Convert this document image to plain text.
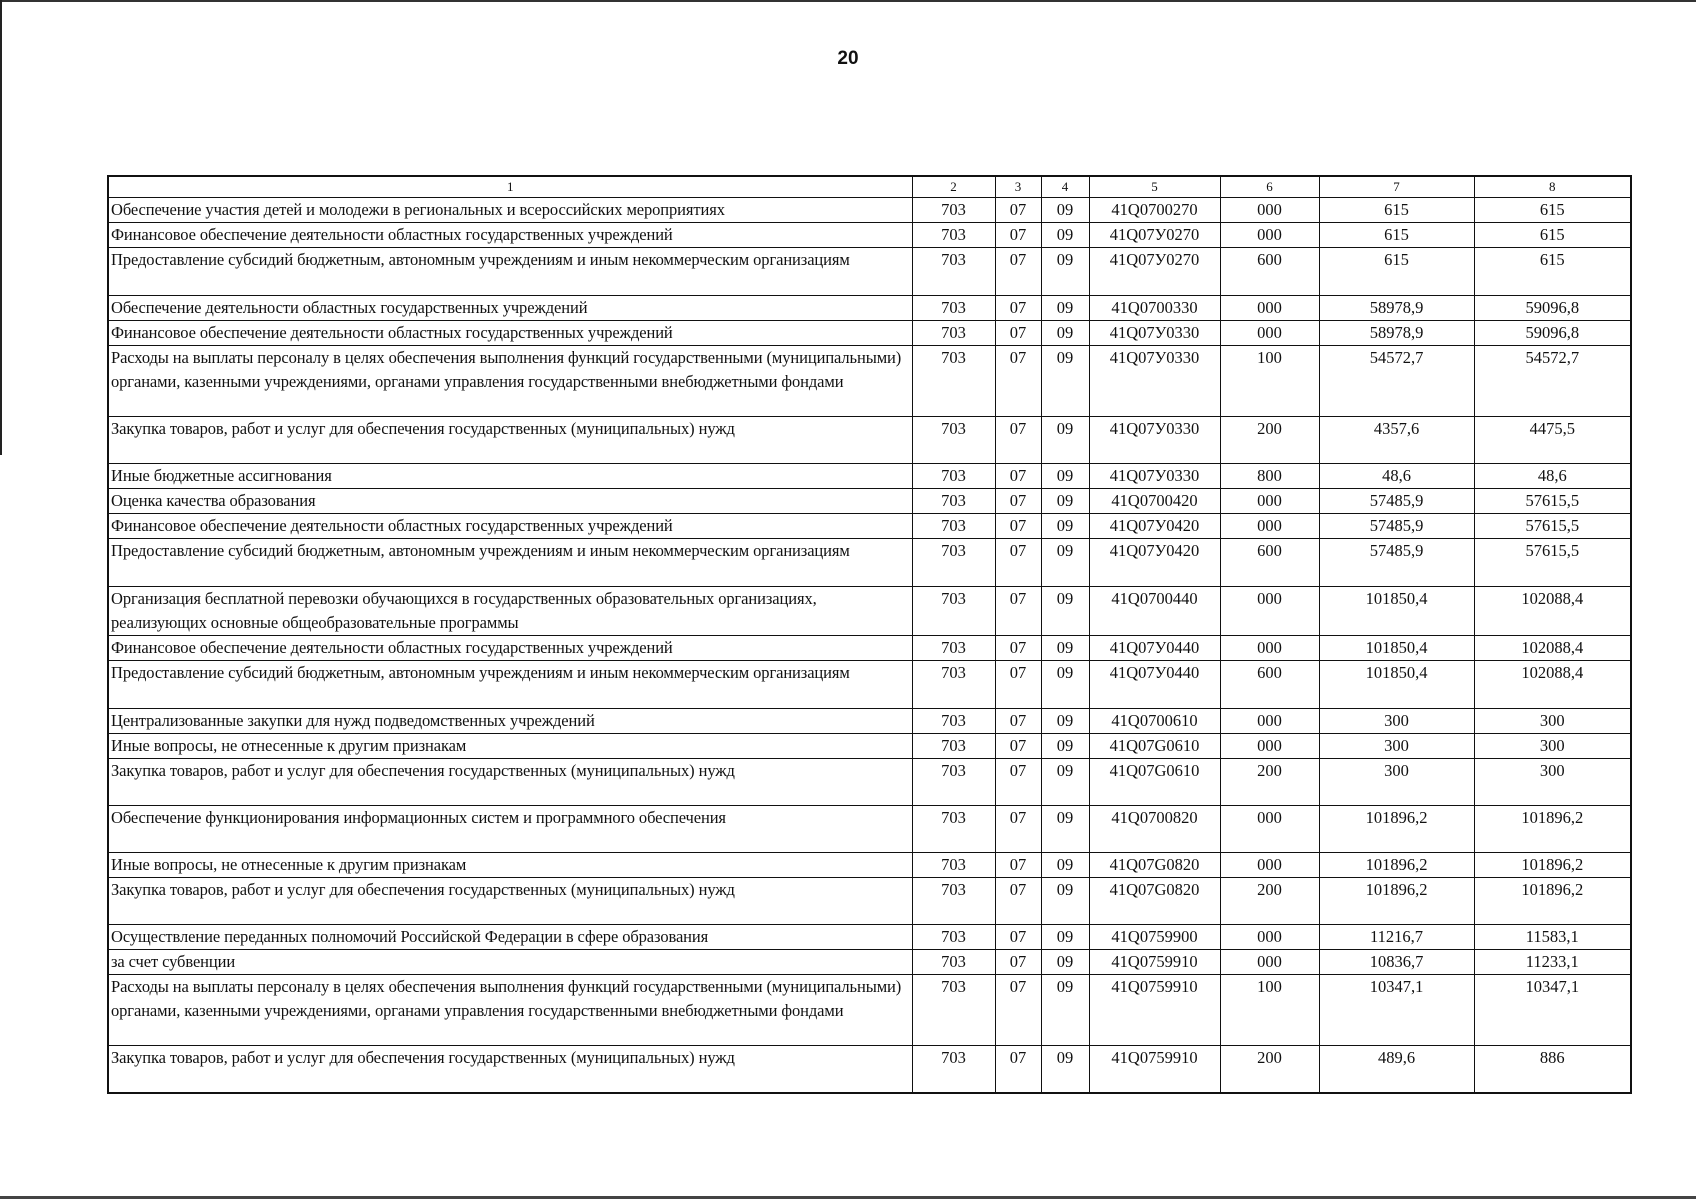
20
1	2	3	4	5	6	7	8
Обеспечение участия детей и молодежи в региональных и всероссийских мероприятиях	703	07	09	41Q0700270	000	615	615
Финансовое обеспечение деятельности областных государственных учреждений	703	07	09	41Q07У0270	000	615	615
Предоставление субсидий бюджетным, автономным учреждениям и иным некоммерческим организациям	703	07	09	41Q07У0270	600	615	615
Обеспечение деятельности областных государственных учреждений	703	07	09	41Q0700330	000	58978,9	59096,8
Финансовое обеспечение деятельности областных государственных учреждений	703	07	09	41Q07У0330	000	58978,9	59096,8
Расходы на выплаты персоналу в целях обеспечения выполнения функций государственными (муниципальными) органами, казенными учреждениями, органами управления государственными внебюджетными фондами	703	07	09	41Q07У0330	100	54572,7	54572,7
Закупка товаров, работ и услуг для обеспечения государственных (муниципальных) нужд	703	07	09	41Q07У0330	200	4357,6	4475,5
Иные бюджетные ассигнования	703	07	09	41Q07У0330	800	48,6	48,6
Оценка качества образования	703	07	09	41Q0700420	000	57485,9	57615,5
Финансовое обеспечение деятельности областных государственных учреждений	703	07	09	41Q07У0420	000	57485,9	57615,5
Предоставление субсидий бюджетным, автономным учреждениям и иным некоммерческим организациям	703	07	09	41Q07У0420	600	57485,9	57615,5
Организация бесплатной перевозки обучающихся в государственных образовательных организациях, реализующих основные общеобразовательные программы	703	07	09	41Q0700440	000	101850,4	102088,4
Финансовое обеспечение деятельности областных государственных учреждений	703	07	09	41Q07У0440	000	101850,4	102088,4
Предоставление субсидий бюджетным, автономным учреждениям и иным некоммерческим организациям	703	07	09	41Q07У0440	600	101850,4	102088,4
Централизованные закупки для нужд подведомственных учреждений	703	07	09	41Q0700610	000	300	300
Иные вопросы, не отнесенные к другим признакам	703	07	09	41Q07G0610	000	300	300
Закупка товаров, работ и услуг для обеспечения государственных (муниципальных) нужд	703	07	09	41Q07G0610	200	300	300
Обеспечение функционирования информационных систем и программного обеспечения	703	07	09	41Q0700820	000	101896,2	101896,2
Иные вопросы, не отнесенные к другим признакам	703	07	09	41Q07G0820	000	101896,2	101896,2
Закупка товаров, работ и услуг для обеспечения государственных (муниципальных) нужд	703	07	09	41Q07G0820	200	101896,2	101896,2
Осуществление переданных полномочий Российской Федерации в сфере образования	703	07	09	41Q0759900	000	11216,7	11583,1
за счет субвенции	703	07	09	41Q0759910	000	10836,7	11233,1
Расходы на выплаты персоналу в целях обеспечения выполнения функций государственными (муниципальными) органами, казенными учреждениями, органами управления государственными внебюджетными фондами	703	07	09	41Q0759910	100	10347,1	10347,1
Закупка товаров, работ и услуг для обеспечения государственных (муниципальных) нужд	703	07	09	41Q0759910	200	489,6	886
